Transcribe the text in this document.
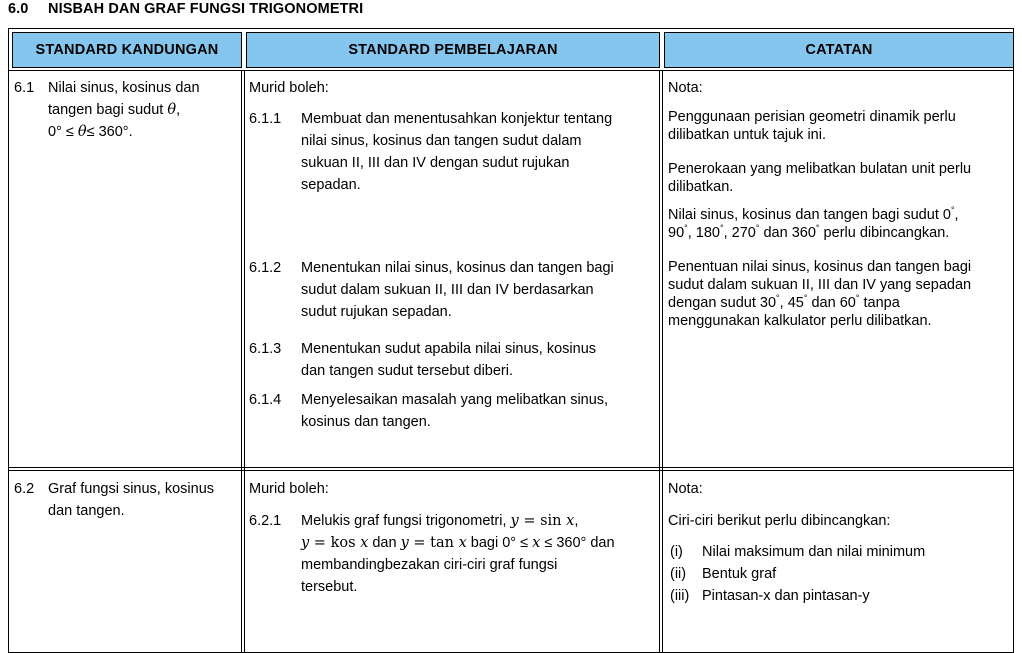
6.0 NISBAH DAN GRAF FUNGSI TRIGONOMETRI
STANDARD KANDUNGAN	STANDARD PEMBELAJARAN	CATATAN
6.1 Nilai sinus, kosinus dan
tangen bagi sudut θ,
0° ≤ θ≤ 360°.
Murid boleh:
6.1.1 Membuat dan menentusahkan konjektur tentang
nilai sinus, kosinus dan tangen sudut dalam
sukuan II, III dan IV dengan sudut rujukan
sepadan.
6.1.2 Menentukan nilai sinus, kosinus dan tangen bagi
sudut dalam sukuan II, III dan IV berdasarkan
sudut rujukan sepadan.
6.1.3 Menentukan sudut apabila nilai sinus, kosinus
dan tangen sudut tersebut diberi.
6.1.4 Menyelesaikan masalah yang melibatkan sinus,
kosinus dan tangen.
Nota:
Penggunaan perisian geometri dinamik perlu
dilibatkan untuk tajuk ini.
Penerokaan yang melibatkan bulatan unit perlu
dilibatkan.
Nilai sinus, kosinus dan tangen bagi sudut 0°,
90°, 180°, 270° dan 360° perlu dibincangkan.
Penentuan nilai sinus, kosinus dan tangen bagi
sudut dalam sukuan II, III dan IV yang sepadan
dengan sudut 30°, 45° dan 60° tanpa
menggunakan kalkulator perlu dilibatkan.
6.2 Graf fungsi sinus, kosinus
dan tangen.
Murid boleh:
6.2.1 Melukis graf fungsi trigonometri, y = sin x,
y = kos x dan y = tan x bagi 0° ≤ x ≤ 360° dan
membandingbezakan ciri-ciri graf fungsi
tersebut.
Nota:
Ciri-ciri berikut perlu dibincangkan:
(i) Nilai maksimum dan nilai minimum
(ii) Bentuk graf
(iii) Pintasan-x dan pintasan-y
